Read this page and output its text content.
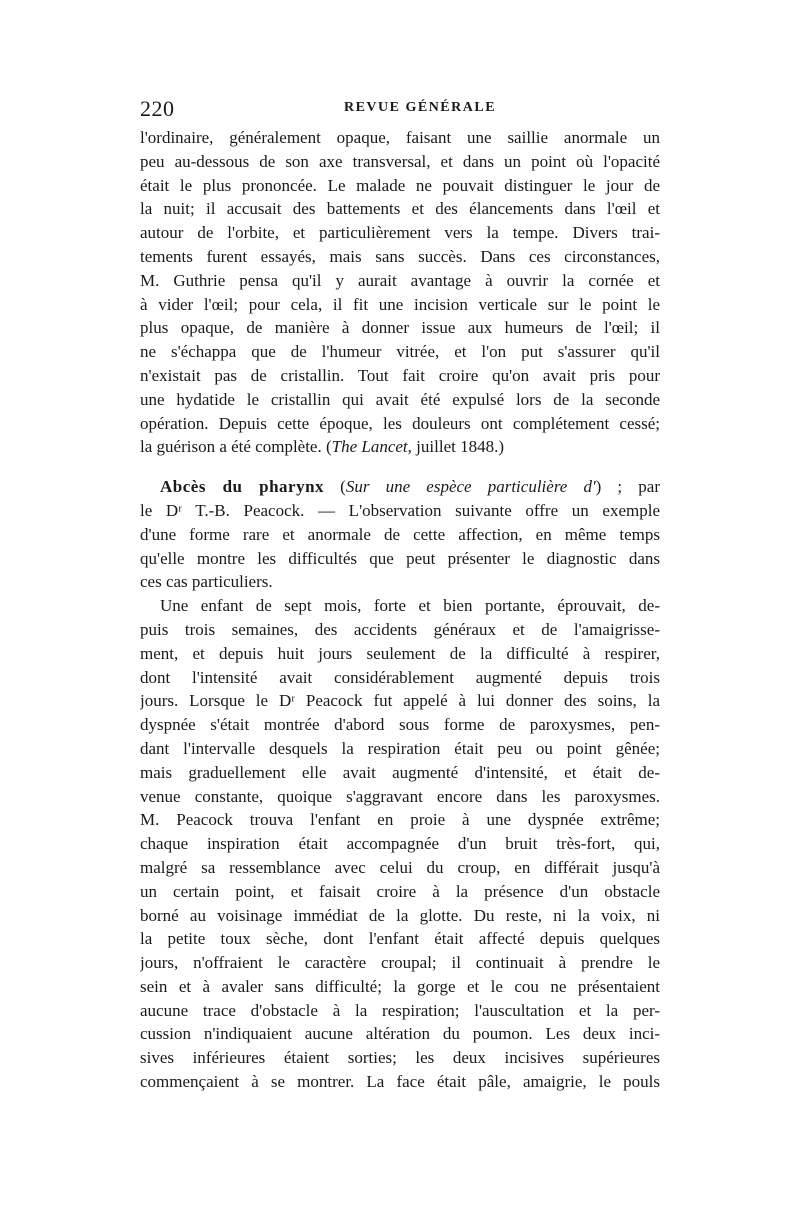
220	REVUE GÉNÉRALE
l'ordinaire, généralement opaque, faisant une saillie anormale un
peu au-dessous de son axe transversal, et dans un point où l'opacité
était le plus prononcée. Le malade ne pouvait distinguer le jour de
la nuit; il accusait des battements et des élancements dans l'œil et
autour de l'orbite, et particulièrement vers la tempe. Divers trai-
tements furent essayés, mais sans succès. Dans ces circonstances,
M. Guthrie pensa qu'il y aurait avantage à ouvrir la cornée et
à vider l'œil; pour cela, il fit une incision verticale sur le point le
plus opaque, de manière à donner issue aux humeurs de l'œil; il
ne s'échappa que de l'humeur vitrée, et l'on put s'assurer qu'il
n'existait pas de cristallin. Tout fait croire qu'on avait pris pour
une hydatide le cristallin qui avait été expulsé lors de la seconde
opération. Depuis cette époque, les douleurs ont complétement cessé;
la guérison a été complète. (The Lancet, juillet 1848.)
Abcès du pharynx (Sur une espèce particulière d') ; par
le Dʳ T.-B. Peacock. — L'observation suivante offre un exemple
d'une forme rare et anormale de cette affection, en même temps
qu'elle montre les difficultés que peut présenter le diagnostic dans
ces cas particuliers.
Une enfant de sept mois, forte et bien portante, éprouvait, de-
puis trois semaines, des accidents généraux et de l'amaigrisse-
ment, et depuis huit jours seulement de la difficulté à respirer,
dont l'intensité avait considérablement augmenté depuis trois
jours. Lorsque le Dʳ Peacock fut appelé à lui donner des soins, la
dyspnée s'était montrée d'abord sous forme de paroxysmes, pen-
dant l'intervalle desquels la respiration était peu ou point gênée;
mais graduellement elle avait augmenté d'intensité, et était de-
venue constante, quoique s'aggravant encore dans les paroxysmes.
M. Peacock trouva l'enfant en proie à une dyspnée extrême;
chaque inspiration était accompagnée d'un bruit très-fort, qui,
malgré sa ressemblance avec celui du croup, en différait jusqu'à
un certain point, et faisait croire à la présence d'un obstacle
borné au voisinage immédiat de la glotte. Du reste, ni la voix, ni
la petite toux sèche, dont l'enfant était affecté depuis quelques
jours, n'offraient le caractère croupal; il continuait à prendre le
sein et à avaler sans difficulté; la gorge et le cou ne présentaient
aucune trace d'obstacle à la respiration; l'auscultation et la per-
cussion n'indiquaient aucune altération du poumon. Les deux inci-
sives inférieures étaient sorties; les deux incisives supérieures
commençaient à se montrer. La face était pâle, amaigrie, le pouls
